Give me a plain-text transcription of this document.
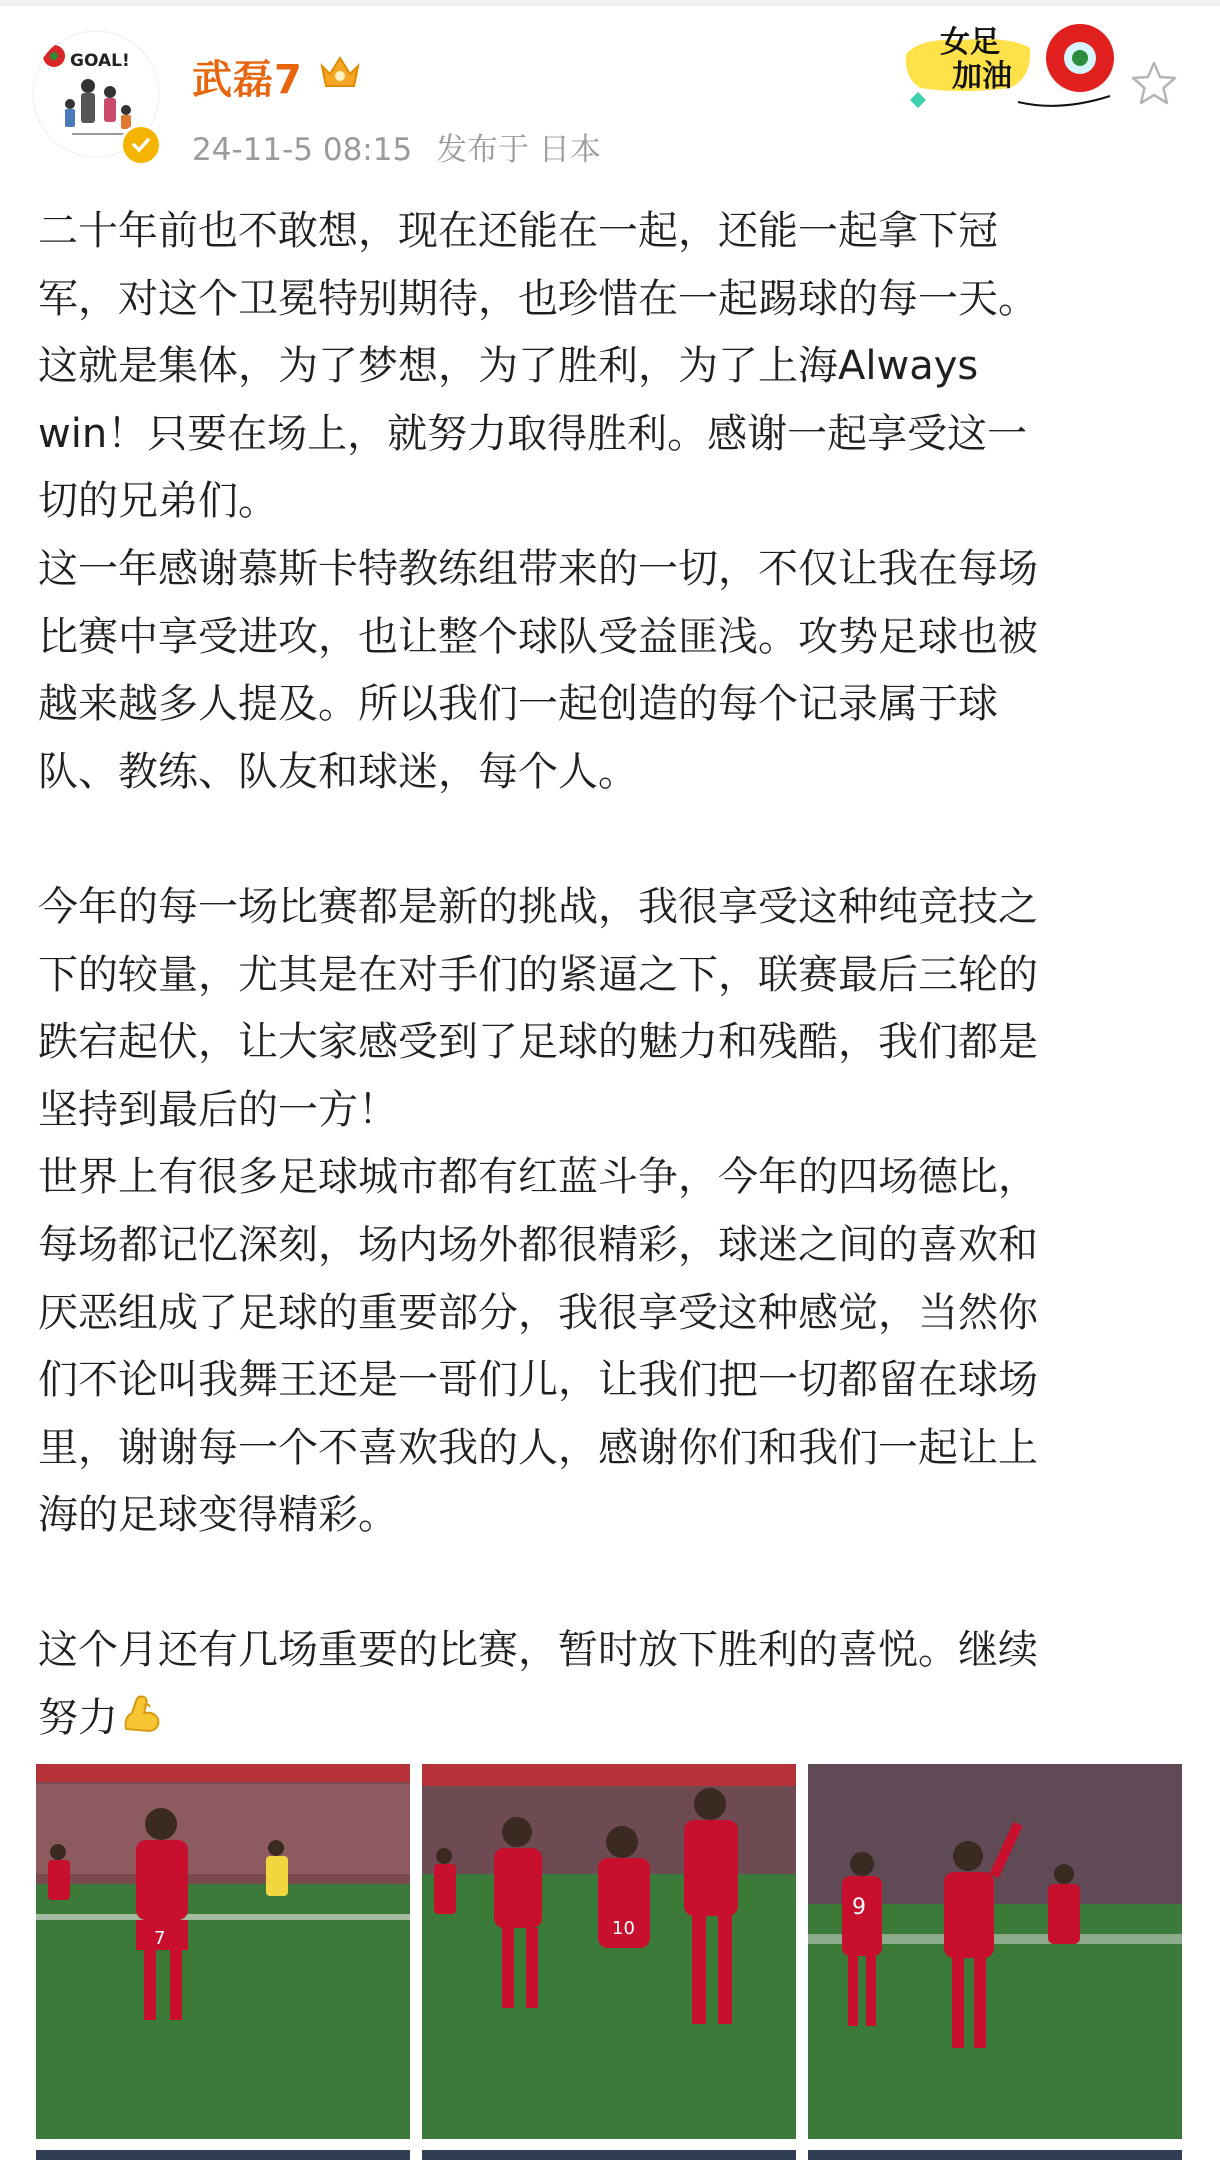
GOAL! 武磊7
24-11-5 08:15 发布于 日本
女足
加油

二十年前也不敢想，现在还能在一起，还能一起拿下冠

军，对这个卫冕特别期待，也珍惜在一起踢球的每一天。

这就是集体，为了梦想，为了胜利，为了上海Always

win！只要在场上，就努力取得胜利。感谢一起享受这一

切的兄弟们。

这一年感谢慕斯卡特教练组带来的一切，不仅让我在每场

比赛中享受进攻，也让整个球队受益匪浅。攻势足球也被

越来越多人提及。所以我们一起创造的每个记录属于球

队、教练、队友和球迷，每个人。

今年的每一场比赛都是新的挑战，我很享受这种纯竞技之

下的较量，尤其是在对手们的紧逼之下，联赛最后三轮的

跌宕起伏，让大家感受到了足球的魅力和残酷，我们都是

坚持到最后的一方！

世界上有很多足球城市都有红蓝斗争，今年的四场德比，

每场都记忆深刻，场内场外都很精彩，球迷之间的喜欢和

厌恶组成了足球的重要部分，我很享受这种感觉，当然你

们不论叫我舞王还是一哥们儿，让我们把一切都留在球场

里，谢谢每一个不喜欢我的人，感谢你们和我们一起让上

海的足球变得精彩。

这个月还有几场重要的比赛，暂时放下胜利的喜悦。继续

努力

7	10
9
